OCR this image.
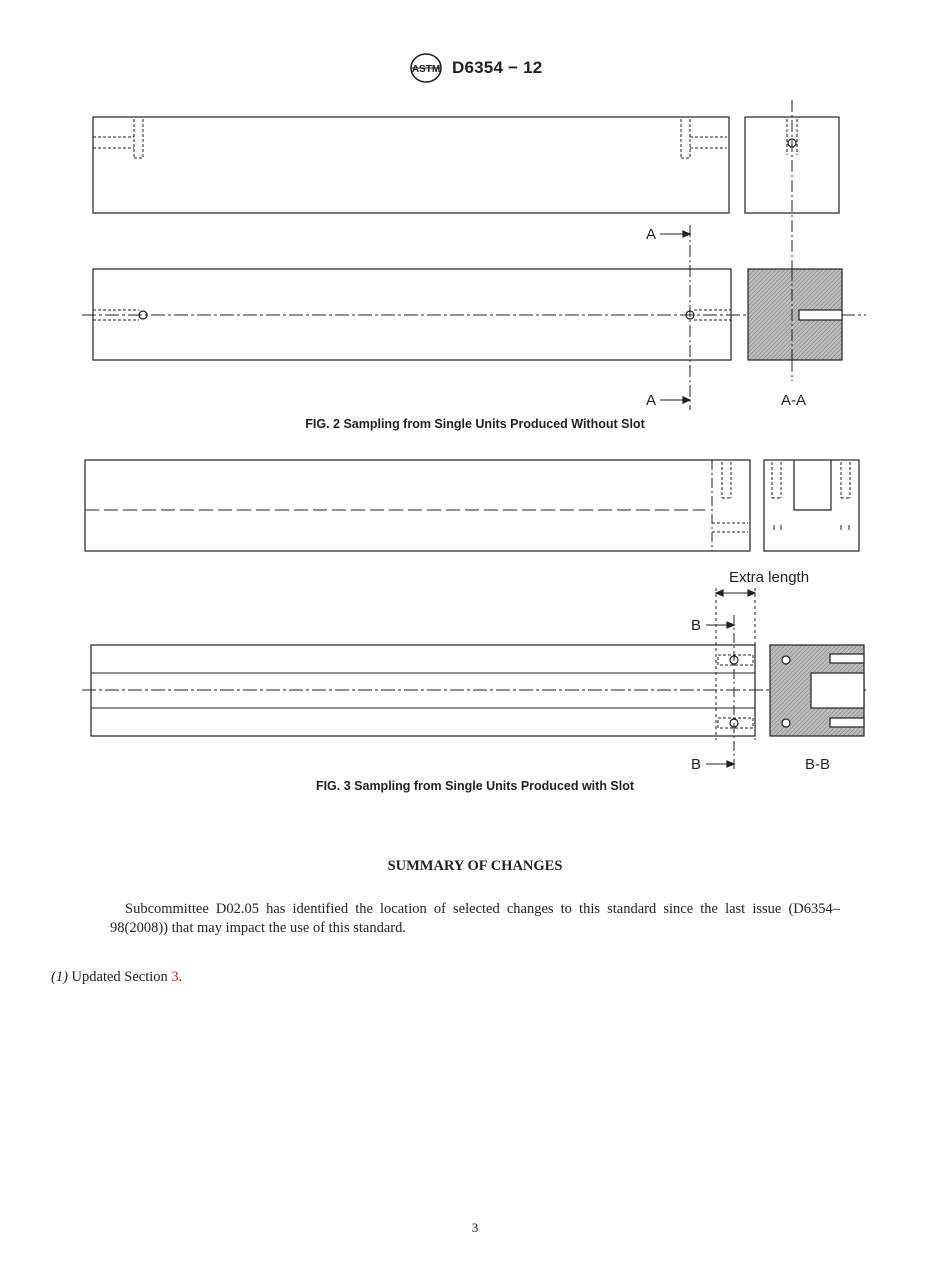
ASTM D6354 − 12
A
A	A-A
FIG. 2 Sampling from Single Units Produced Without Slot
Extra length
B
B	B-B
FIG. 3 Sampling from Single Units Produced with Slot
SUMMARY OF CHANGES
Subcommittee D02.05 has identified the location of selected changes to this standard since the last issue (D6354–98(2008)) that may impact the use of this standard.
(1) Updated Section 3.
3
